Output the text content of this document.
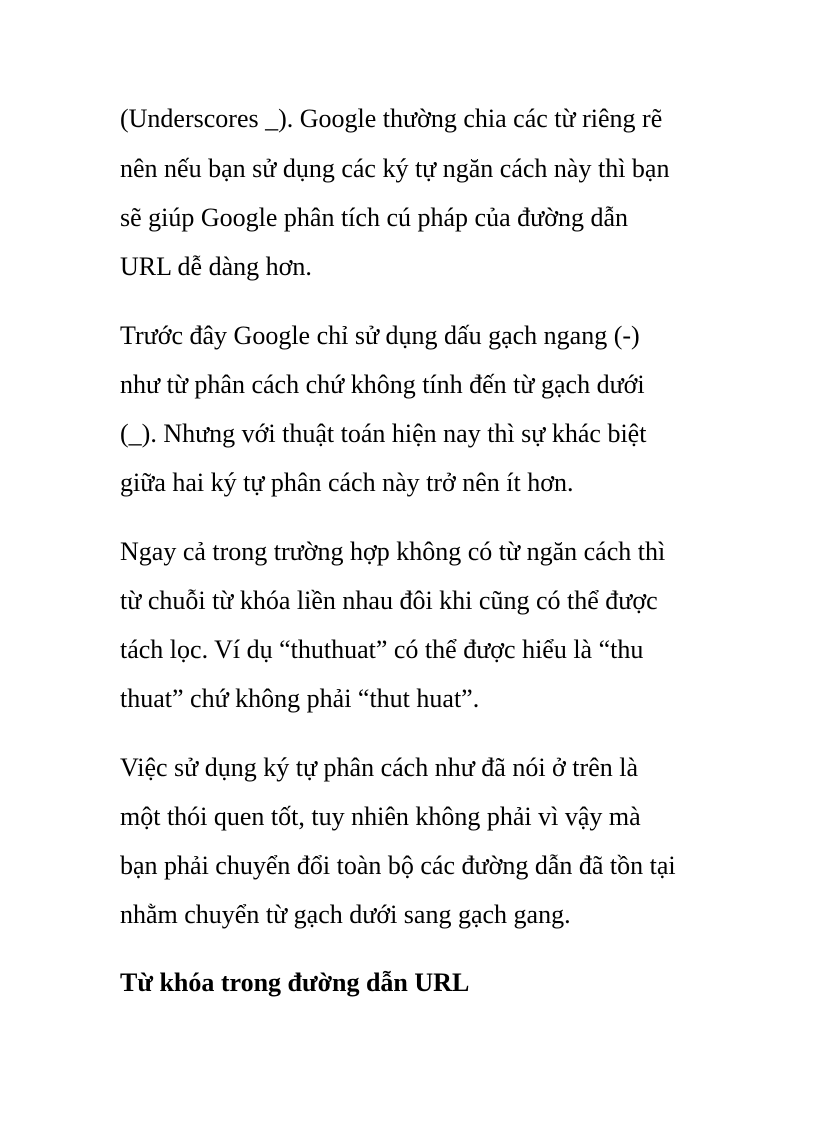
(Underscores _). Google thường chia các từ riêng rẽ
nên nếu bạn sử dụng các ký tự ngăn cách này thì bạn
sẽ giúp Google phân tích cú pháp của đường dẫn
URL dễ dàng hơn.
Trước đây Google chỉ sử dụng dấu gạch ngang (-)
như từ phân cách chứ không tính đến từ gạch dưới
(_). Nhưng với thuật toán hiện nay thì sự khác biệt
giữa hai ký tự phân cách này trở nên ít hơn.
Ngay cả trong trường hợp không có từ ngăn cách thì
từ chuỗi từ khóa liền nhau đôi khi cũng có thể được
tách lọc. Ví dụ “thuthuat” có thể được hiểu là “thu
thuat” chứ không phải “thut huat”.
Việc sử dụng ký tự phân cách như đã nói ở trên là
một thói quen tốt, tuy nhiên không phải vì vậy mà
bạn phải chuyển đổi toàn bộ các đường dẫn đã tồn tại
nhằm chuyển từ gạch dưới sang gạch gang.
Từ khóa trong đường dẫn URL
